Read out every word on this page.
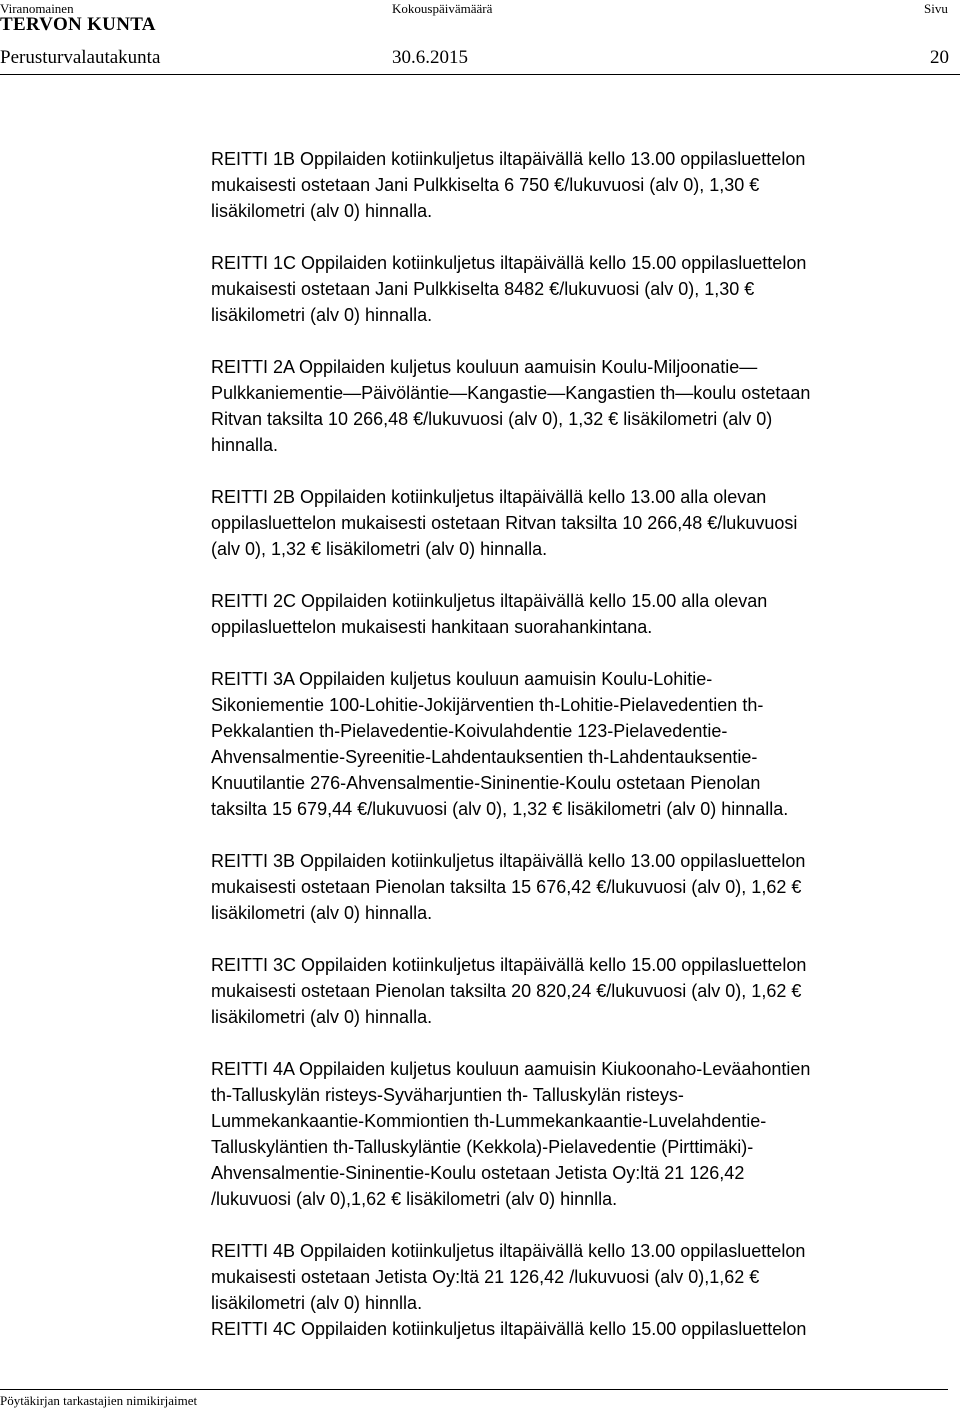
Viranomainen	Kokouspäivämäärä	Sivu
TERVON KUNTA
Perusturvalautakunta	30.6.2015	20

REITTI 1B Oppilaiden kotiinkuljetus iltapäivällä kello 13.00 oppilasluettelon
mukaisesti ostetaan Jani Pulkkiselta 6 750 €/lukuvuosi (alv 0), 1,30 €
lisäkilometri (alv 0) hinnalla.

REITTI 1C Oppilaiden kotiinkuljetus iltapäivällä kello 15.00 oppilasluettelon
mukaisesti ostetaan Jani Pulkkiselta 8482 €/lukuvuosi (alv 0), 1,30 €
lisäkilometri (alv 0) hinnalla.

REITTI 2A Oppilaiden kuljetus kouluun aamuisin Koulu-Miljoonatie—
Pulkkaniementie—Päivöläntie—Kangastie—Kangastien th—koulu ostetaan
Ritvan taksilta 10 266,48 €/lukuvuosi (alv 0), 1,32 € lisäkilometri (alv 0)
hinnalla.

REITTI 2B Oppilaiden kotiinkuljetus iltapäivällä kello 13.00 alla olevan
oppilasluettelon mukaisesti ostetaan Ritvan taksilta 10 266,48 €/lukuvuosi
(alv 0), 1,32 € lisäkilometri (alv 0) hinnalla.

REITTI 2C Oppilaiden kotiinkuljetus iltapäivällä kello 15.00 alla olevan
oppilasluettelon mukaisesti hankitaan suorahankintana.

REITTI 3A Oppilaiden kuljetus kouluun aamuisin Koulu-Lohitie-
Sikoniementie 100-Lohitie-Jokijärventien th-Lohitie-Pielavedentien th-
Pekkalantien th-Pielavedentie-Koivulahdentie 123-Pielavedentie-
Ahvensalmentie-Syreenitie-Lahdentauksentien th-Lahdentauksentie-
Knuutilantie 276-Ahvensalmentie-Sininentie-Koulu ostetaan Pienolan
taksilta 15 679,44 €/lukuvuosi (alv 0), 1,32 € lisäkilometri (alv 0) hinnalla.

REITTI 3B Oppilaiden kotiinkuljetus iltapäivällä kello 13.00 oppilasluettelon
mukaisesti ostetaan Pienolan taksilta 15 676,42 €/lukuvuosi (alv 0), 1,62 €
lisäkilometri (alv 0) hinnalla.

REITTI 3C Oppilaiden kotiinkuljetus iltapäivällä kello 15.00 oppilasluettelon
mukaisesti ostetaan Pienolan taksilta 20 820,24 €/lukuvuosi (alv 0), 1,62 €
lisäkilometri (alv 0) hinnalla.

REITTI 4A Oppilaiden kuljetus kouluun aamuisin Kiukoonaho-Leväahontien
th-Talluskylän risteys-Syväharjuntien th- Talluskylän risteys-
Lummekankaantie-Kommiontien th-Lummekankaantie-Luvelahdentie-
Talluskyläntien th-Talluskyläntie (Kekkola)-Pielavedentie (Pirttimäki)-
Ahvensalmentie-Sininentie-Koulu ostetaan Jetista Oy:ltä 21 126,42
/lukuvuosi (alv 0),1,62 € lisäkilometri (alv 0) hinnlla.

REITTI 4B Oppilaiden kotiinkuljetus iltapäivällä kello 13.00 oppilasluettelon
mukaisesti ostetaan Jetista Oy:ltä 21 126,42 /lukuvuosi (alv 0),1,62 €
lisäkilometri (alv 0) hinnlla.

REITTI 4C Oppilaiden kotiinkuljetus iltapäivällä kello 15.00 oppilasluettelon

Pöytäkirjan tarkastajien nimikirjaimet
